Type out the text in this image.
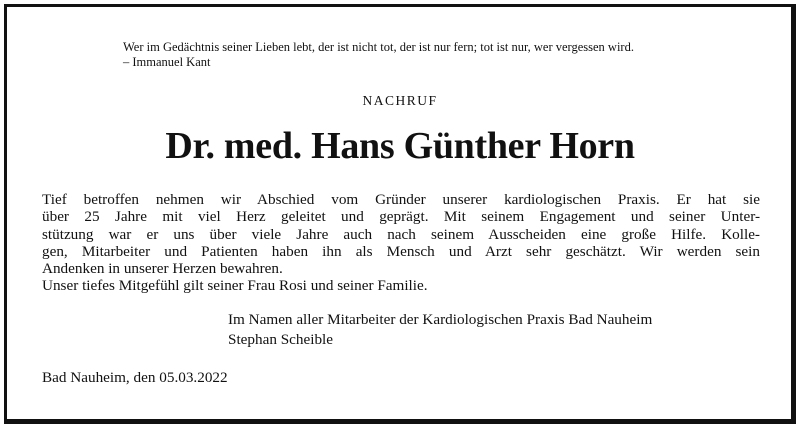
Wer im Gedächtnis seiner Lieben lebt, der ist nicht tot, der ist nur fern; tot ist nur, wer vergessen wird.
– Immanuel Kant
NACHRUF
Dr. med. Hans Günther Horn
Tief betroffen nehmen wir Abschied vom Gründer unserer kardiologischen Praxis. Er hat sie
über 25 Jahre mit viel Herz geleitet und geprägt. Mit seinem Engagement und seiner Unter-
stützung war er uns über viele Jahre auch nach seinem Ausscheiden eine große Hilfe. Kolle-
gen, Mitarbeiter und Patienten haben ihn als Mensch und Arzt sehr geschätzt. Wir werden sein
Andenken in unserer Herzen bewahren.
Unser tiefes Mitgefühl gilt seiner Frau Rosi und seiner Familie.
Im Namen aller Mitarbeiter der Kardiologischen Praxis Bad Nauheim
Stephan Scheible
Bad Nauheim, den 05.03.2022
